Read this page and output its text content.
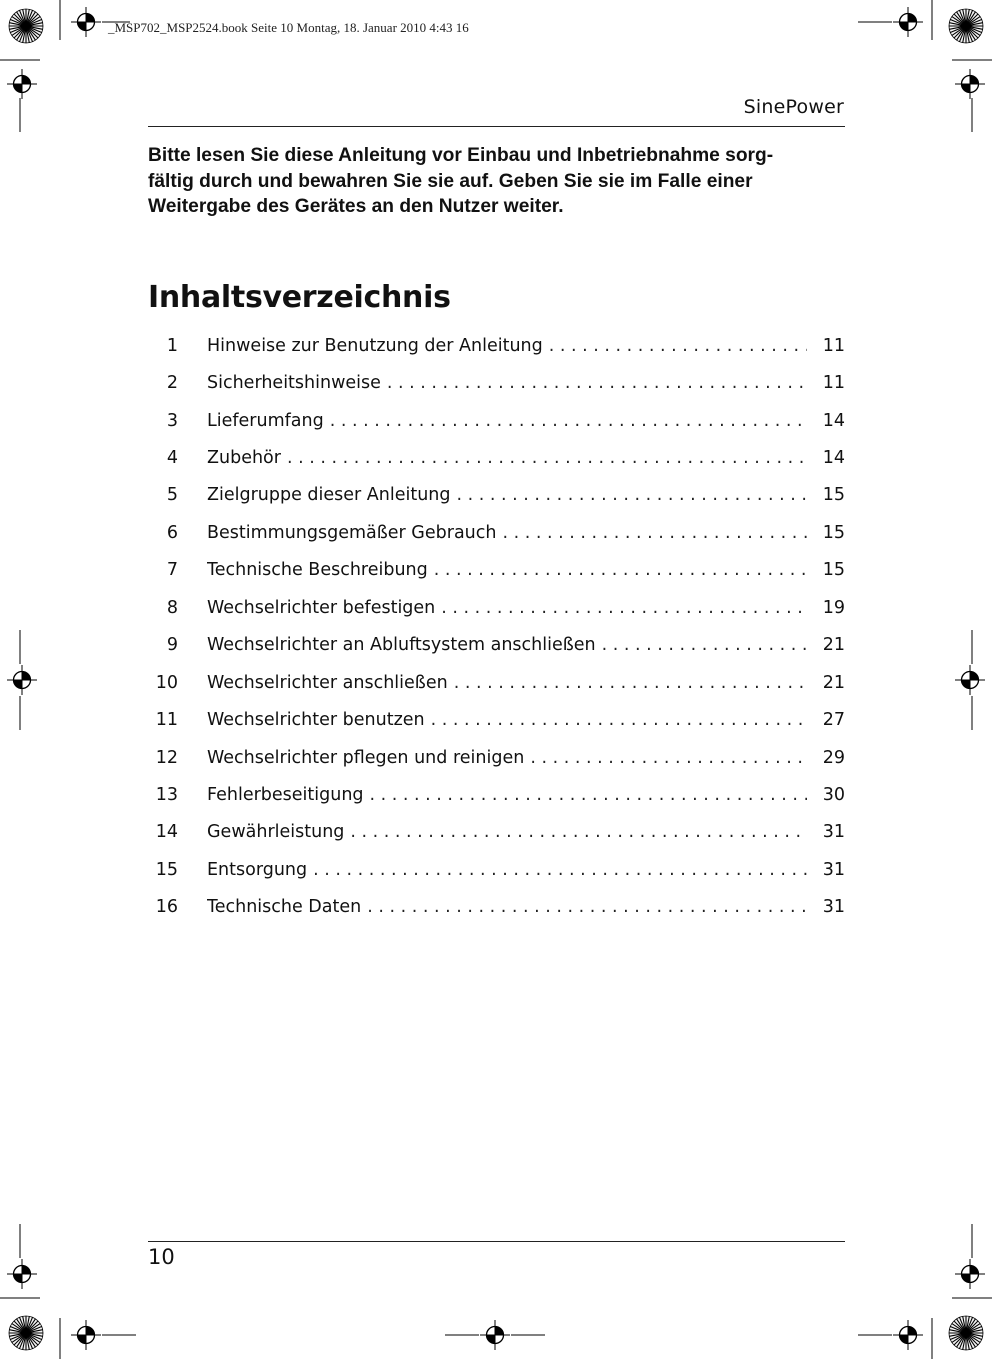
_MSP702_MSP2524.book Seite 10 Montag, 18. Januar 2010 4:43 16
SinePower
Bitte lesen Sie diese Anleitung vor Einbau und Inbetriebnahme sorg-
fältig durch und bewahren Sie sie auf. Geben Sie sie im Falle einer
Weitergabe des Gerätes an den Nutzer weiter.
Inhaltsverzeichnis
1 Hinweise zur Benutzung der Anleitung . . .	11
2 Sicherheitshinweise . . .	11
3 Lieferumfang . . .	14
4 Zubehör . . .	14
5 Zielgruppe dieser Anleitung . . .	15
6 Bestimmungsgemäßer Gebrauch . . .	15
7 Technische Beschreibung . . .	15
8 Wechselrichter befestigen . . .	19
9 Wechselrichter an Abluftsystem anschließen . . .	21
10 Wechselrichter anschließen . . .	21
11 Wechselrichter benutzen . . .	27
12 Wechselrichter pflegen und reinigen . . .	29
13 Fehlerbeseitigung . . .	30
14 Gewährleistung . . .	31
15 Entsorgung . . .	31
16 Technische Daten . . .	31
10
